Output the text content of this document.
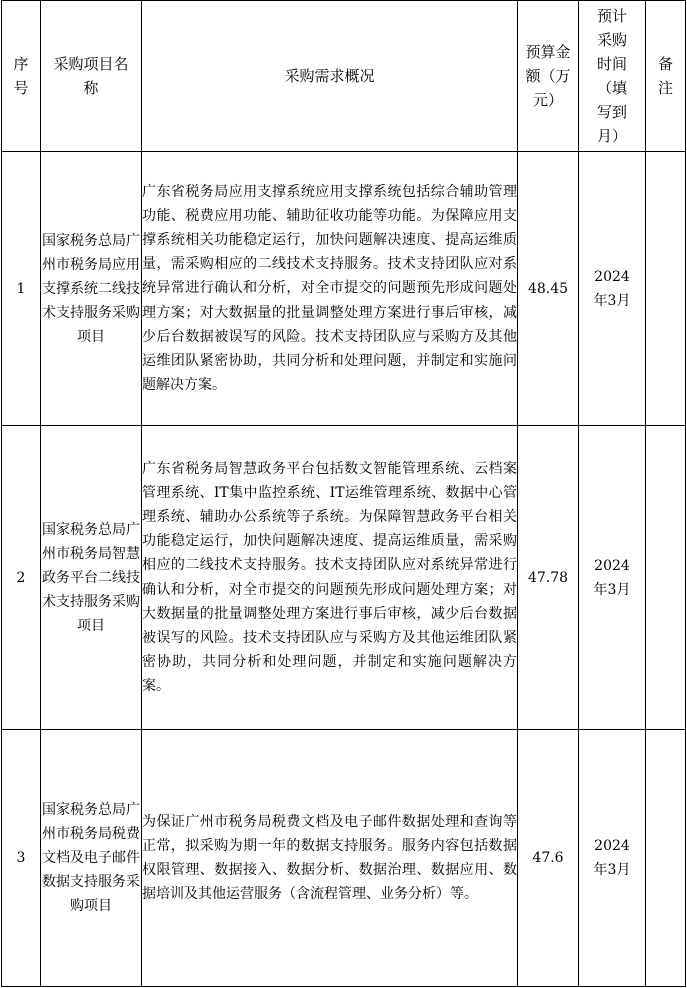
序号	采购项目名称	采购需求概况	预算金额（万元）	预计采购时间（填写到月）	备注
1	国家税务总局广州市税务局应用支撑系统二线技术支持服务采购项目	广东省税务局应用支撑系统应用支撑系统包括综合辅助管理功能、税费应用功能、辅助征收功能等功能。为保障应用支撑系统相关功能稳定运行，加快问题解决速度、提高运维质量，需采购相应的二线技术支持服务。技术支持团队应对系统异常进行确认和分析，对全市提交的问题预先形成问题处理方案；对大数据量的批量调整处理方案进行事后审核，减少后台数据被误写的风险。技术支持团队应与采购方及其他运维团队紧密协助，共同分析和处理问题，并制定和实施问题解决方案。	48.45	2024
年3月	

2	国家税务总局广州市税务局智慧政务平台二线技术支持服务采购项目	广东省税务局智慧政务平台包括数文智能管理系统、云档案管理系统、IT集中监控系统、IT运维管理系统、数据中心管理系统、辅助办公系统等子系统。为保障智慧政务平台相关功能稳定运行，加快问题解决速度、提高运维质量，需采购相应的二线技术支持服务。技术支持团队应对系统异常进行确认和分析，对全市提交的问题预先形成问题处理方案；对大数据量的批量调整处理方案进行事后审核，减少后台数据被误写的风险。技术支持团队应与采购方及其他运维团队紧密协助，共同分析和处理问题，并制定和实施问题解决方案。	47.78	2024
年3月	

3	国家税务总局广州市税务局税费文档及电子邮件数据支持服务采购项目	为保证广州市税务局税费文档及电子邮件数据处理和查询等正常，拟采购为期一年的数据支持服务。服务内容包括数据权限管理、数据接入、数据分析、数据治理、数据应用、数据培训及其他运营服务（含流程管理、业务分析）等。	47.6	2024
年3月	
